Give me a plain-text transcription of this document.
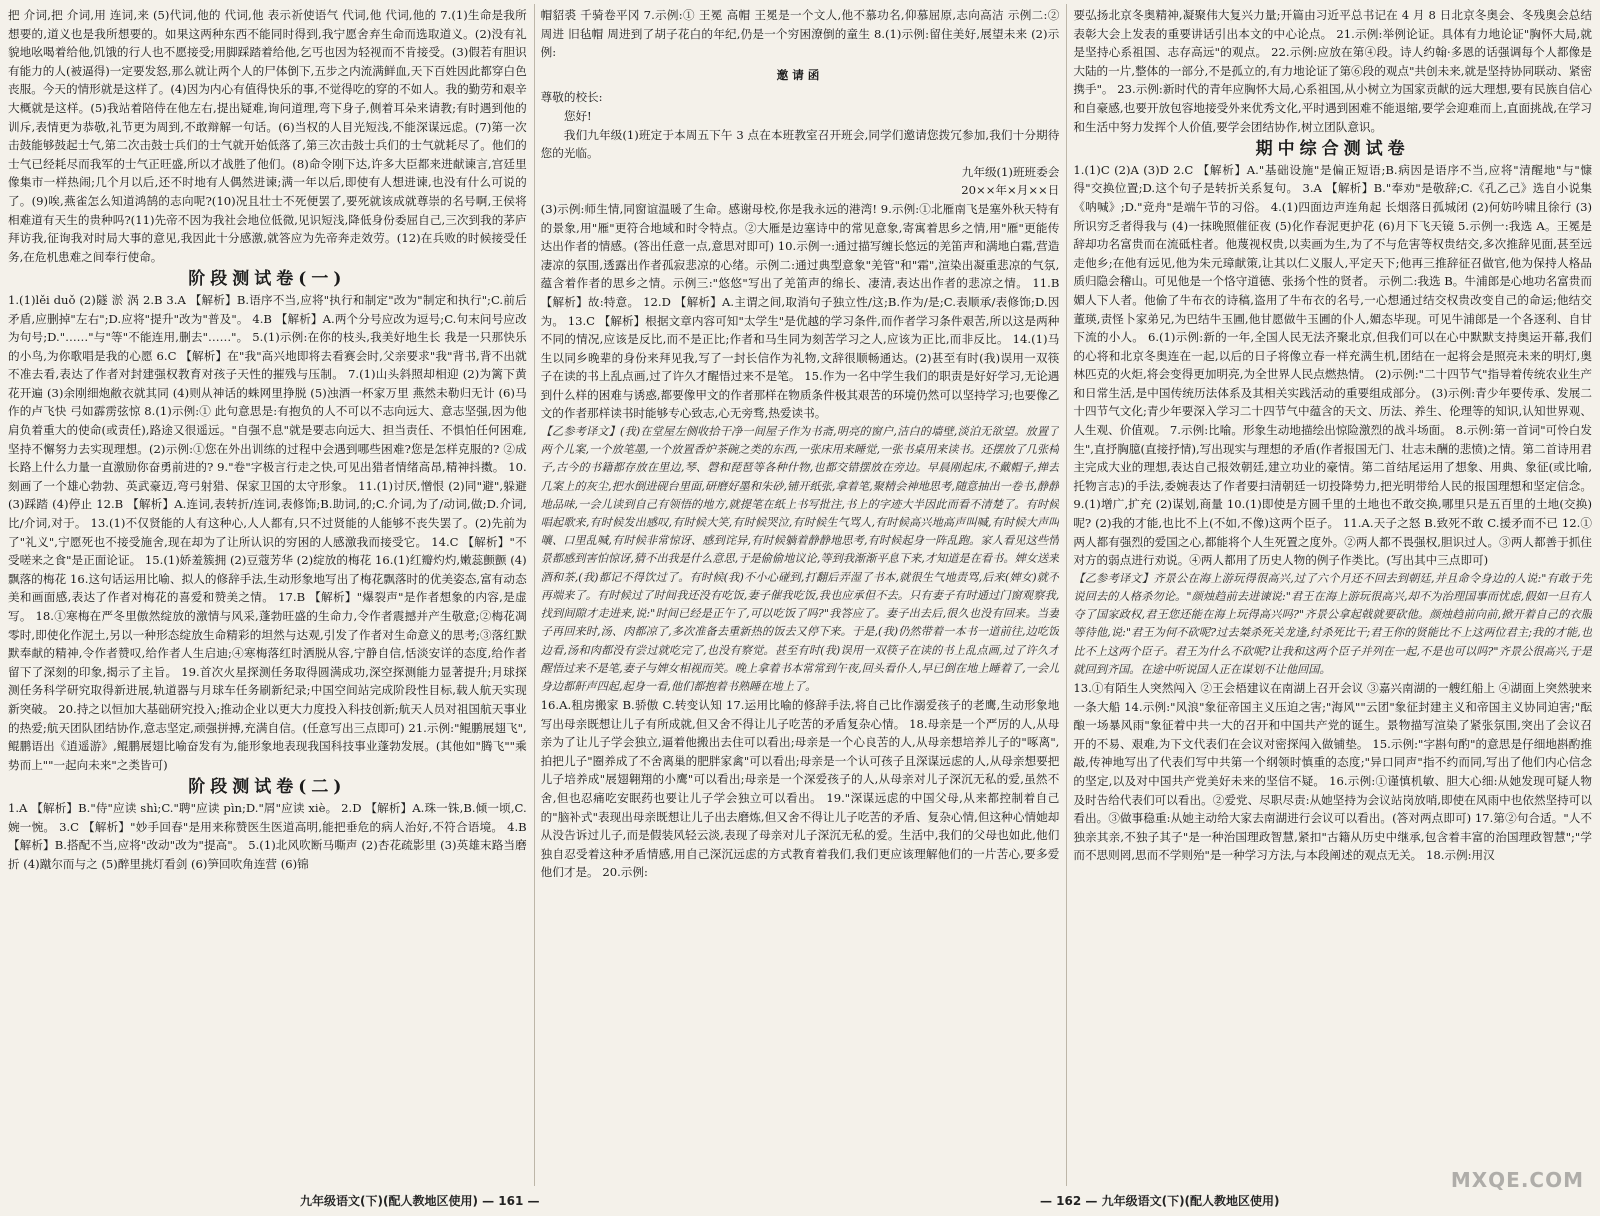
把 介词,把 介词,用 连词,来 (5)代词,他的 代词,他 表示祈使语气 代词,他 代词,他的 7.(1)生命是我所想要的,道义也是我所想要的。如果这两种东西不能同时得到,我宁愿舍弃生命而选取道义。(2)没有礼貌地吆喝着给他,饥饿的行人也不愿接受;用脚踩踏着给他,乞丐也因为轻视而不肯接受。(3)假若有胆识有能力的人(被逼得)一定要发怒,那么就让两个人的尸体倒下,五步之内流满鲜血,天下百姓因此都穿白色丧服。今天的情形就是这样了。(4)因为内心有值得快乐的事,不觉得吃的穿的不如人。我的勤劳和艰辛大概就是这样。(5)我站着陪侍在他左右,提出疑难,询问道理,弯下身子,侧着耳朵来请教;有时遇到他的训斥,表情更为恭敬,礼节更为周到,不敢辩解一句话。(6)当权的人目光短浅,不能深谋远虑。(7)第一次击鼓能够鼓起士气,第二次击鼓士兵们的士气就开始低落了,第三次击鼓士兵们的士气就耗尽了。他们的士气已经耗尽而我军的士气正旺盛,所以才战胜了他们。(8)命令刚下达,许多大臣都来进献谏言,宫廷里像集市一样热闹;几个月以后,还不时地有人偶然进谏;满一年以后,即使有人想进谏,也没有什么可说的了。(9)唉,燕雀怎么知道鸿鹄的志向呢?(10)况且壮士不死便罢了,要死就该成就尊崇的名号啊,王侯将相难道有天生的贵种吗?(11)先帝不因为我社会地位低微,见识短浅,降低身份委屈自己,三次到我的茅庐拜访我,征询我对时局大事的意见,我因此十分感激,就答应为先帝奔走效劳。(12)在兵败的时候接受任务,在危机患难之间奉行使命。

阶段测试卷(一)

1.(1)lěi duǒ (2)隧 淤 涡 2.B 3.A 【解析】B.语序不当,应将"执行和制定"改为"制定和执行";C.前后矛盾,应删掉"左右";D.应将"提升"改为"普及"。 4.B 【解析】A.两个分号应改为逗号;C.句末问号应改为句号;D."……"与"等"不能连用,删去"……"。 5.(1)示例:在你的枝头,我美好地生长 我是一只那快乐的小鸟,为你歌唱是我的心愿 6.C 【解析】在"我"高兴地即将去看赛会时,父亲要求"我"背书,背不出就不准去看,表达了作者对封建强权教育对孩子天性的摧残与压制。 7.(1)山头斜照却相迎 (2)为篱下黄花开遍 (3)余刚细炮敝衣就其同 (4)则从神话的蛛网里挣脱 (5)浊酒一杯家万里 燕然未勒归无计 (6)马作的卢飞快 弓如霹雳弦惊 8.(1)示例:① 此句意思是:有抱负的人不可以不志向远大、意志坚强,因为他肩负着重大的使命(或责任),路途又很遥远。"自强不息"就是要志向远大、担当责任、不惧怕任何困难,坚持不懈努力去实现理想。(2)示例:①您在外出训练的过程中会遇到哪些困难?您是怎样克服的? ②成长路上什么力量一直激励你奋勇前进的? 9."卷"字极言行走之快,可见出猎者情绪高昂,精神抖擞。 10.刻画了一个雄心勃勃、英武豪迈,弯弓射猎、保家卫国的太守形象。 11.(1)讨厌,憎恨 (2)同"避",躲避 (3)踩踏 (4)停止 12.B 【解析】A.连词,表转折/连词,表修饰;B.助词,的;C.介词,为了/动词,做;D.介词,比/介词,对于。 13.(1)不仅贤能的人有这种心,人人都有,只不过贤能的人能够不丧失罢了。(2)先前为了"礼义",宁愿死也不接受施舍,现在却为了让所认识的穷困的人感激我而接受它。 14.C 【解析】"不受嗟来之食"是正面论证。 15.(1)娇羞簇拥 (2)豆蔻芳华 (2)绽放的梅花 16.(1)红瓣灼灼,嫩蕊颤颤 (4)飘落的梅花 16.这句话运用比喻、拟人的修辞手法,生动形象地写出了梅花飘落时的优美姿态,富有动态美和画面感,表达了作者对梅花的喜爱和赞美之情。 17.B 【解析】"爆裂声"是作者想象的内容,是虚写。 18.①寒梅在严冬里傲然绽放的激情与风采,蓬勃旺盛的生命力,令作者震撼并产生敬意;②梅花凋零时,即使化作泥土,另以一种形态绽放生命精彩的坦然与达观,引发了作者对生命意义的思考;③落红默默奉献的精神,令作者赞叹,给作者人生启迪;④寒梅落红时洒脱从容,宁静自信,恬淡安详的态度,给作者留下了深刻的印象,揭示了主旨。 19.首次火星探测任务取得圆满成功,深空探测能力显著提升;月球探测任务科学研究取得新进展,轨道器与月球车任务刷新纪录;中国空间站完成阶段性目标,载人航天实现新突破。 20.持之以恒加大基础研究投入;推动企业以更大力度投入科技创新;航天人员对祖国航天事业的热爱;航天团队团结协作,意志坚定,顽强拼搏,充满自信。(任意写出三点即可) 21.示例:"鲲鹏展翅飞",鲲鹏语出《逍遥游》,鲲鹏展翅比喻奋发有为,能形象地表现我国科技事业蓬勃发展。(其他如"腾飞""乘势而上""一起向未来"之类皆可)

阶段测试卷(二)

1.A 【解析】B."侍"应读 shì;C."聘"应读 pìn;D."屑"应读 xiè。 2.D 【解析】A.珠一铢,B.倾一顷,C.婉一惋。 3.C 【解析】"妙手回春"是用来称赞医生医道高明,能把垂危的病人治好,不符合语境。 4.B 【解析】B.搭配不当,应将"改动"改为"提高"。 5.(1)北风吹断马嘶声 (2)杏花疏影里 (3)英雄末路当磨折 (4)蹴尔而与之 (5)醉里挑灯看剑 (6)笋回吹角连营 (6)锦

帽貂裘 千骑卷平冈 7.示例:① 王冕 高帽 王冕是一个文人,他不慕功名,仰慕屈原,志向高洁 示例二:② 周进 旧毡帽 周进到了胡子花白的年纪,仍是一个穷困潦倒的童生 8.(1)示例:留住美好,展望未来 (2)示例:

邀请函

尊敬的校长:

您好!

我们九年级(1)班定于本周五下午 3 点在本班教室召开班会,同学们邀请您拨冗参加,我们十分期待您的光临。

九年级(1)班班委会

20××年×月××日

(3)示例:师生情,同窗谊温暖了生命。感谢母校,你是我永远的港湾! 9.示例:①北雁南飞是塞外秋天特有的景象,用"雁"更符合地域和时令特点。②大雁是边塞诗中的常见意象,寄寓着思乡之情,用"雁"更能传达出作者的情感。(答出任意一点,意思对即可) 10.示例一:通过描写缠长悠远的羌笛声和满地白霜,营造凄凉的氛围,透露出作者孤寂悲凉的心绪。示例二:通过典型意象"羌管"和"霜",渲染出凝重悲凉的气氛,蕴含着作者的思乡之情。示例三:"悠悠"写出了羌笛声的绵长、凄清,表达出作者的悲凉之情。 11.B 【解析】故:特意。 12.D 【解析】A.主谓之间,取消句子独立性/这;B.作为/是;C.表顺承/表修饰;D.因为。 13.C 【解析】根据文章内容可知"太学生"是优越的学习条件,而作者学习条件艰苦,所以这是两种不同的情况,应该是反比,而不是正比;作者和马生同为刻苦学习之人,应该为正比,而非反比。 14.(1)马生以同乡晚辈的身份来拜见我,写了一封长信作为礼物,文辞很顺畅通达。(2)甚至有时(我)误用一双筷子在读的书上乱点画,过了许久才醒悟过来不是笔。 15.作为一名中学生我们的职责是好好学习,无论遇到什么样的困难与诱惑,都要像甲文的作者那样在物质条件极其艰苦的环境仍然可以坚持学习;也要像乙文的作者那样读书时能够专心致志,心无旁骛,热爱读书。

【乙参考译文】(我)在堂屋左侧收拾干净一间屋子作为书斋,明亮的窗户,洁白的墙壁,淡泊无欲望。放置了两个儿案,一个放笔墨,一个放置香炉茶碗之类的东西,一张床用来睡觉,一张书桌用来读书。还摆放了几张椅子,古今的书籍都存放在里边,琴、磬和琵琶等各种什物,也都交错摆放在旁边。早晨刚起床,不戴帽子,掸去几案上的灰尘,把水倒进砚台里面,研磨好墨和朱砂,铺开纸张,拿着笔,聚精会神地思考,随意抽出一卷书,静静地品味,一会儿读到自己有领悟的地方,就提笔在纸上书写批注,书上的字迹大半因此而看不清楚了。有时候唱起歌来,有时候发出感叹,有时候大笑,有时候哭泣,有时候生气骂人,有时候高兴地高声叫喊,有时候大声叫嚷、口里乱喊,有时候非常惊讶、感到诧异,有时候躺着静静地思考,有时候起身一阵乱跑。家人看见这些情景都感到害怕惊讶,猜不出我是什么意思,于是偷偷地议论,等到我渐渐平息下来,才知道是在看书。婢女送来酒和茶,(我)都记不得饮过了。有时候(我)不小心碰到,打翻后弄湿了书本,就很生气地责骂,后来(婢女)就不再端来了。有时候过了时间我还没有吃饭,妻子催我吃饭,我也应承但不去。只有妻子有时通过门窗观察我,找到间隙才走进来,说:"时间已经是正午了,可以吃饭了吗?"我答应了。妻子出去后,很久也没有回来。当妻子再回来时,汤、肉都凉了,多次准备去重新热的饭去又停下来。于是,(我)仍然带着一本书一道前往,边吃饭边看,汤和肉都没有尝过就吃完了,也没有察觉。甚至有时(我)误用一双筷子在读的书上乱点画,过了许久才醒悟过来不是笔,妻子与婢女相视而笑。晚上拿着书本常常到午夜,回头看仆人,早已倒在地上睡着了,一会儿身边都鼾声四起,起身一看,他们都抱着书熟睡在地上了。

16.A.租房搬家 B.骄傲 C.转变认知 17.运用比喻的修辞手法,将自己比作溺爱孩子的老鹰,生动形象地写出母亲既想让儿子有所成就,但又舍不得让儿子吃苦的矛盾复杂心情。 18.母亲是一个严厉的人,从母亲为了让儿子学会独立,逼着他搬出去住可以看出;母亲是一个心良苦的人,从母亲想培养儿子的"啄离",拍把儿子"圈养成了不舍离巢的肥胖家禽"可以看出;母亲是一个认可孩子且深谋远虑的人,从母亲想要把儿子培养成"展翅翱翔的小鹰"可以看出;母亲是一个深爱孩子的人,从母亲对儿子深沉无私的爱,虽然不舍,但也忍痛吃安眠药也要让儿子学会独立可以看出。 19."深谋远虑的中国父母,从来都控制着自己的"脑补式"表现出母亲既想让儿子出去磨炼,但又舍不得让儿子吃苦的矛盾、复杂心情,但这种心情她却从没告诉过儿子,而是假装风轻云淡,表现了母亲对儿子深沉无私的爱。生活中,我们的父母也如此,他们独自忍受着这种矛盾情感,用自己深沉远虑的方式教育着我们,我们更应该理解他们的一片苦心,要多爱他们才是。 20.示例:

要弘扬北京冬奥精神,凝聚伟大复兴力量;开篇由习近平总书记在 4 月 8 日北京冬奥会、冬残奥会总结表彰大会上发表的重要讲话引出本文的中心论点。 21.示例:举例论证。具体有力地论证"胸怀大局,就是坚持心系祖国、志存高远"的观点。 22.示例:应放在第④段。诗人约翰·多恩的话强调每个人都像是大陆的一片,整体的一部分,不是孤立的,有力地论证了第⑥段的观点"共创未来,就是坚持协同联动、紧密携手"。 23.示例:新时代的青年应胸怀大局,心系祖国,从小树立为国家贡献的远大理想,要有民族自信心和自豪感,也要开放包容地接受外来优秀文化,平时遇到困难不能退缩,要学会迎难而上,直面挑战,在学习和生活中努力发挥个人价值,要学会团结协作,树立团队意识。

期中综合测试卷

1.(1)C (2)A (3)D 2.C 【解析】A."基础设施"是偏正短语;B.病因是语序不当,应将"清醒地"与"慷得"交换位置;D.这个句子是转折关系复句。 3.A 【解析】B."奉劝"是敬辞;C.《孔乙己》选自小说集《呐喊》;D."竞舟"是端午节的习俗。 4.(1)四面边声连角起 长烟落日孤城闭 (2)何妨吟啸且徐行 (3)所识穷乏者得我与 (4)一抹晚照催征夜 (5)化作春泥更护花 (6)月下飞天镜 5.示例一:我选 A。王冕是辞却功名富贵而在流砥柱者。他蔑视权贵,以卖画为生,为了不与危害等权贵结交,多次推辞见面,甚至远走他乡;在他有远见,他为朱元璋献策,让其以仁义服人,平定天下;他再三推辞征召做官,他为保持人格品质归隐会稽山。可见他是一个恪守道德、张扬个性的贤者。 示例二:我选 B。牛浦郎是心地功名富贵而媚人下人者。他偷了牛布衣的诗稿,盗用了牛布衣的名号,一心想通过结交权贵改变自己的命运;他结交董瑛,责怪卜家弟兄,为巴结牛玉圃,他甘愿做牛玉圃的仆人,媚态毕现。可见牛浦郎是一个各逐利、自甘下流的小人。 6.(1)示例:新的一年,全国人民无法齐聚北京,但我们可以在心中默默支持奥运开幕,我们的心将和北京冬奥连在一起,以后的日子将像立春一样充满生机,团结在一起将会是照亮未来的明灯,奥林匹克的火炬,将会变得更加明亮,为全世界人民点燃热情。 (2)示例:"二十四节气"指导着传统农业生产和日常生活,是中国传统历法体系及其相关实践活动的重要组成部分。 (3)示例:青少年要传承、发展二十四节气文化;青少年要深入学习二十四节气中蕴含的天文、历法、养生、伦理等的知识,认知世界观、人生观、价值观。 7.示例:比喻。形象生动地描绘出惊险激烈的战斗场面。 8.示例:第一首词"可怜白发生",直抒胸臆(直接抒情),写出现实与理想的矛盾(作者报国无门、壮志未酬的悲愤)之情。第二首诗用君主完成大业的理想,表达自己报效朝廷,建立功业的豪情。第二首结尾运用了想象、用典、象征(或比喻,托物言志)的手法,委婉表达了作者要扫清朝廷一切投降势力,把光明带给人民的报国理想和坚定信念。 9.(1)增广,扩充 (2)谋划,商量 10.(1)即使是方圆千里的土地也不敢交换,哪里只是五百里的土地(交换)呢? (2)我的才能,也比不上(不如,不像)这两个臣子。 11.A.天子之怒 B.致死不敢 C.援矛而不已 12.①两人都有强烈的爱国之心,都能将个人生死置之度外。②两人都不畏强权,胆识过人。③两人都善于抓住对方的弱点进行劝说。④两人都用了历史人物的例子作类比。(写出其中三点即可)

【乙参考译文】齐景公在海上游玩得很高兴,过了六个月还不回去到朝廷,并且命令身边的人说:"有敢于先说回去的人格杀勿论。"颜烛趋前去进谏说:"君王在海上游玩很高兴,却不为治理国事而忧虑,假如一旦有人夺了国家政权,君王您还能在海上玩得高兴吗?"齐景公拿起戟就要砍他。颜烛趋前向前,掀开着自己的衣服等待他,说:"君王为何不砍呢?过去桀杀死关龙逢,纣杀死比干;君王你的贤能比不上这两位君主;我的才能,也比不上这两个臣子。君王为什么不砍呢?让我和这两个臣子并列在一起,不是也可以吗?"齐景公很高兴,于是就回到齐国。在途中听说国人正在谋划不让他回国。

13.①有陌生人突然闯入 ②王会梧建议在南湖上召开会议 ③嘉兴南湖的一艘红船上 ④湖面上突然驶来一条大船 14.示例:"风浪"象征帝国主义压迫之害;"海风""云团"象征封建主义和帝国主义协同迫害;"酝酿一场暴风雨"象征着中共一大的召开和中国共产党的诞生。景物描写渲染了紧张氛围,突出了会议召开的不易、艰难,为下文代表们在会议对密探闯入做铺垫。 15.示例:"字斟句酌"的意思是仔细地斟酌推敲,传神地写出了代表们写中共第一个纲领时慎重的态度;"异口同声"指不约而同,写出了他们内心信念的坚定,以及对中国共产党美好未来的坚信不疑。 16.示例:①谨慎机敏、胆大心细:从她发现可疑人物及时告给代表们可以看出。②爱党、尽职尽责:从她坚持为会议站岗放哨,即使在风雨中也依然坚持可以看出。③做事稳重:从她主动给大家去南湖进行会议可以看出。(答对两点即可) 17.第②句合适。"人不独亲其亲,不独子其子"是一种治国理政智慧,紧扣"古籍从历史中继承,包含着丰富的治国理政智慧";"学而不思则罔,思而不学则殆"是一种学习方法,与本段阐述的观点无关。 18.示例:用汉

九年级语文(下)(配人教地区使用) — 161 —	— 162 — 九年级语文(下)(配人教地区使用)
MXQE.COM
